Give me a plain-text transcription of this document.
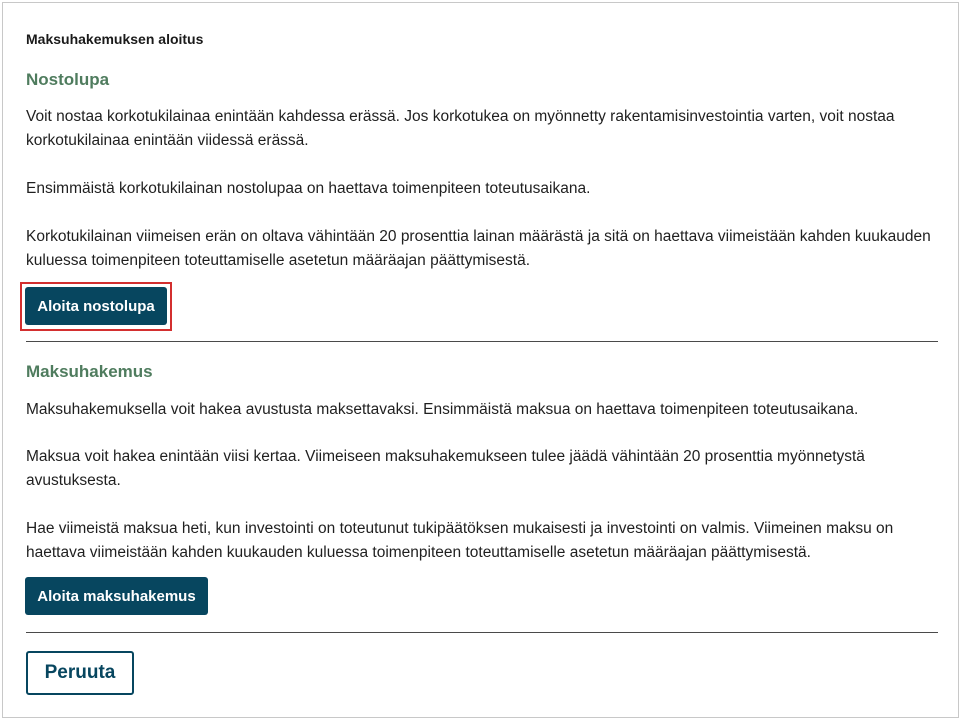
Maksuhakemuksen aloitus
Nostolupa

Voit nostaa korkotukilainaa enintään kahdessa erässä. Jos korkotukea on myönnetty rakentamisinvestointia varten, voit nostaa korkotukilainaa enintään viidessä erässä.

Ensimmäistä korkotukilainan nostolupaa on haettava toimenpiteen toteutusaikana.

Korkotukilainan viimeisen erän on oltava vähintään 20 prosenttia lainan määrästä ja sitä on haettava viimeistään kahden kuukauden kuluessa toimenpiteen toteuttamiselle asetetun määräajan päättymisestä.

Aloita nostolupa
Maksuhakemus

Maksuhakemuksella voit hakea avustusta maksettavaksi. Ensimmäistä maksua on haettava toimenpiteen toteutusaikana.

Maksua voit hakea enintään viisi kertaa. Viimeiseen maksuhakemukseen tulee jäädä vähintään 20 prosenttia myönnetystä avustuksesta.

Hae viimeistä maksua heti, kun investointi on toteutunut tukipäätöksen mukaisesti ja investointi on valmis. Viimeinen maksu on haettava viimeistään kahden kuukauden kuluessa toimenpiteen toteuttamiselle asetetun määräajan päättymisestä.

Aloita maksuhakemus
Peruuta
